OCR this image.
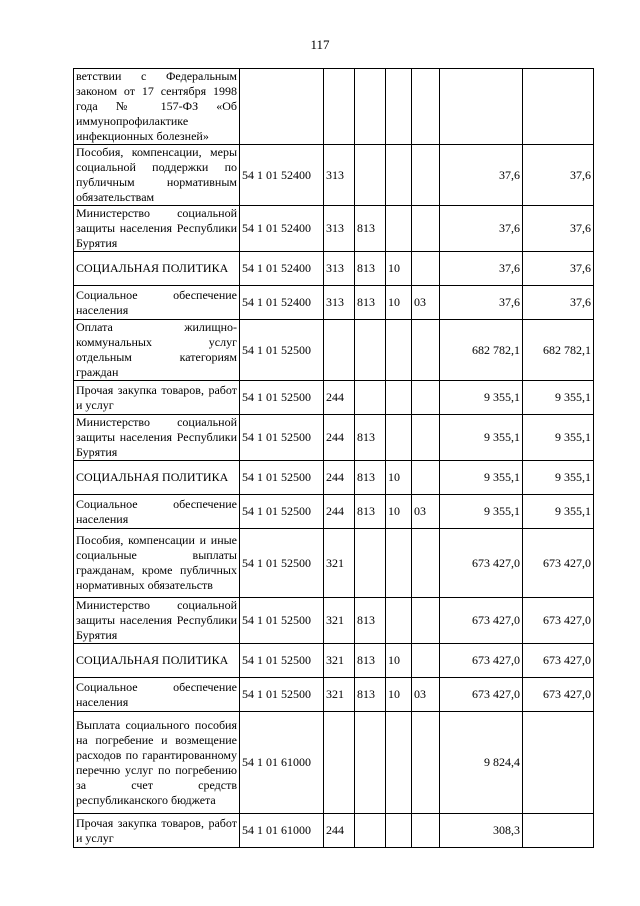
117
ветствии с Федеральным законом от 17 сентября 1998 года № 157-ФЗ «Об иммунопрофилактике инфекционных болезней»							
Пособия, компенсации, меры социальной поддержки по публичным нормативным обязательствам	54 1 01 52400	313				37,6	37,6
Министерство социальной защиты населения Республики Бурятия	54 1 01 52400	313	813			37,6	37,6
СОЦИАЛЬНАЯ ПОЛИТИКА	54 1 01 52400	313	813	10		37,6	37,6
Социальное обеспечение населения	54 1 01 52400	313	813	10	03	37,6	37,6
Оплата жилищно-коммунальных услуг отдельным категориям граждан	54 1 01 52500					682 782,1	682 782,1
Прочая закупка товаров, работ и услуг	54 1 01 52500	244				9 355,1	9 355,1
Министерство социальной защиты населения Республики Бурятия	54 1 01 52500	244	813			9 355,1	9 355,1
СОЦИАЛЬНАЯ ПОЛИТИКА	54 1 01 52500	244	813	10		9 355,1	9 355,1
Социальное обеспечение населения	54 1 01 52500	244	813	10	03	9 355,1	9 355,1
Пособия, компенсации и иные социальные выплаты гражданам, кроме публичных нормативных обязательств	54 1 01 52500	321				673 427,0	673 427,0
Министерство социальной защиты населения Республики Бурятия	54 1 01 52500	321	813			673 427,0	673 427,0
СОЦИАЛЬНАЯ ПОЛИТИКА	54 1 01 52500	321	813	10		673 427,0	673 427,0
Социальное обеспечение населения	54 1 01 52500	321	813	10	03	673 427,0	673 427,0
Выплата социального пособия на погребение и возмещение расходов по гарантированному перечню услуг по погребению за счет средств республиканского бюджета	54 1 01 61000					9 824,4	
Прочая закупка товаров, работ и услуг	54 1 01 61000	244				308,3	
